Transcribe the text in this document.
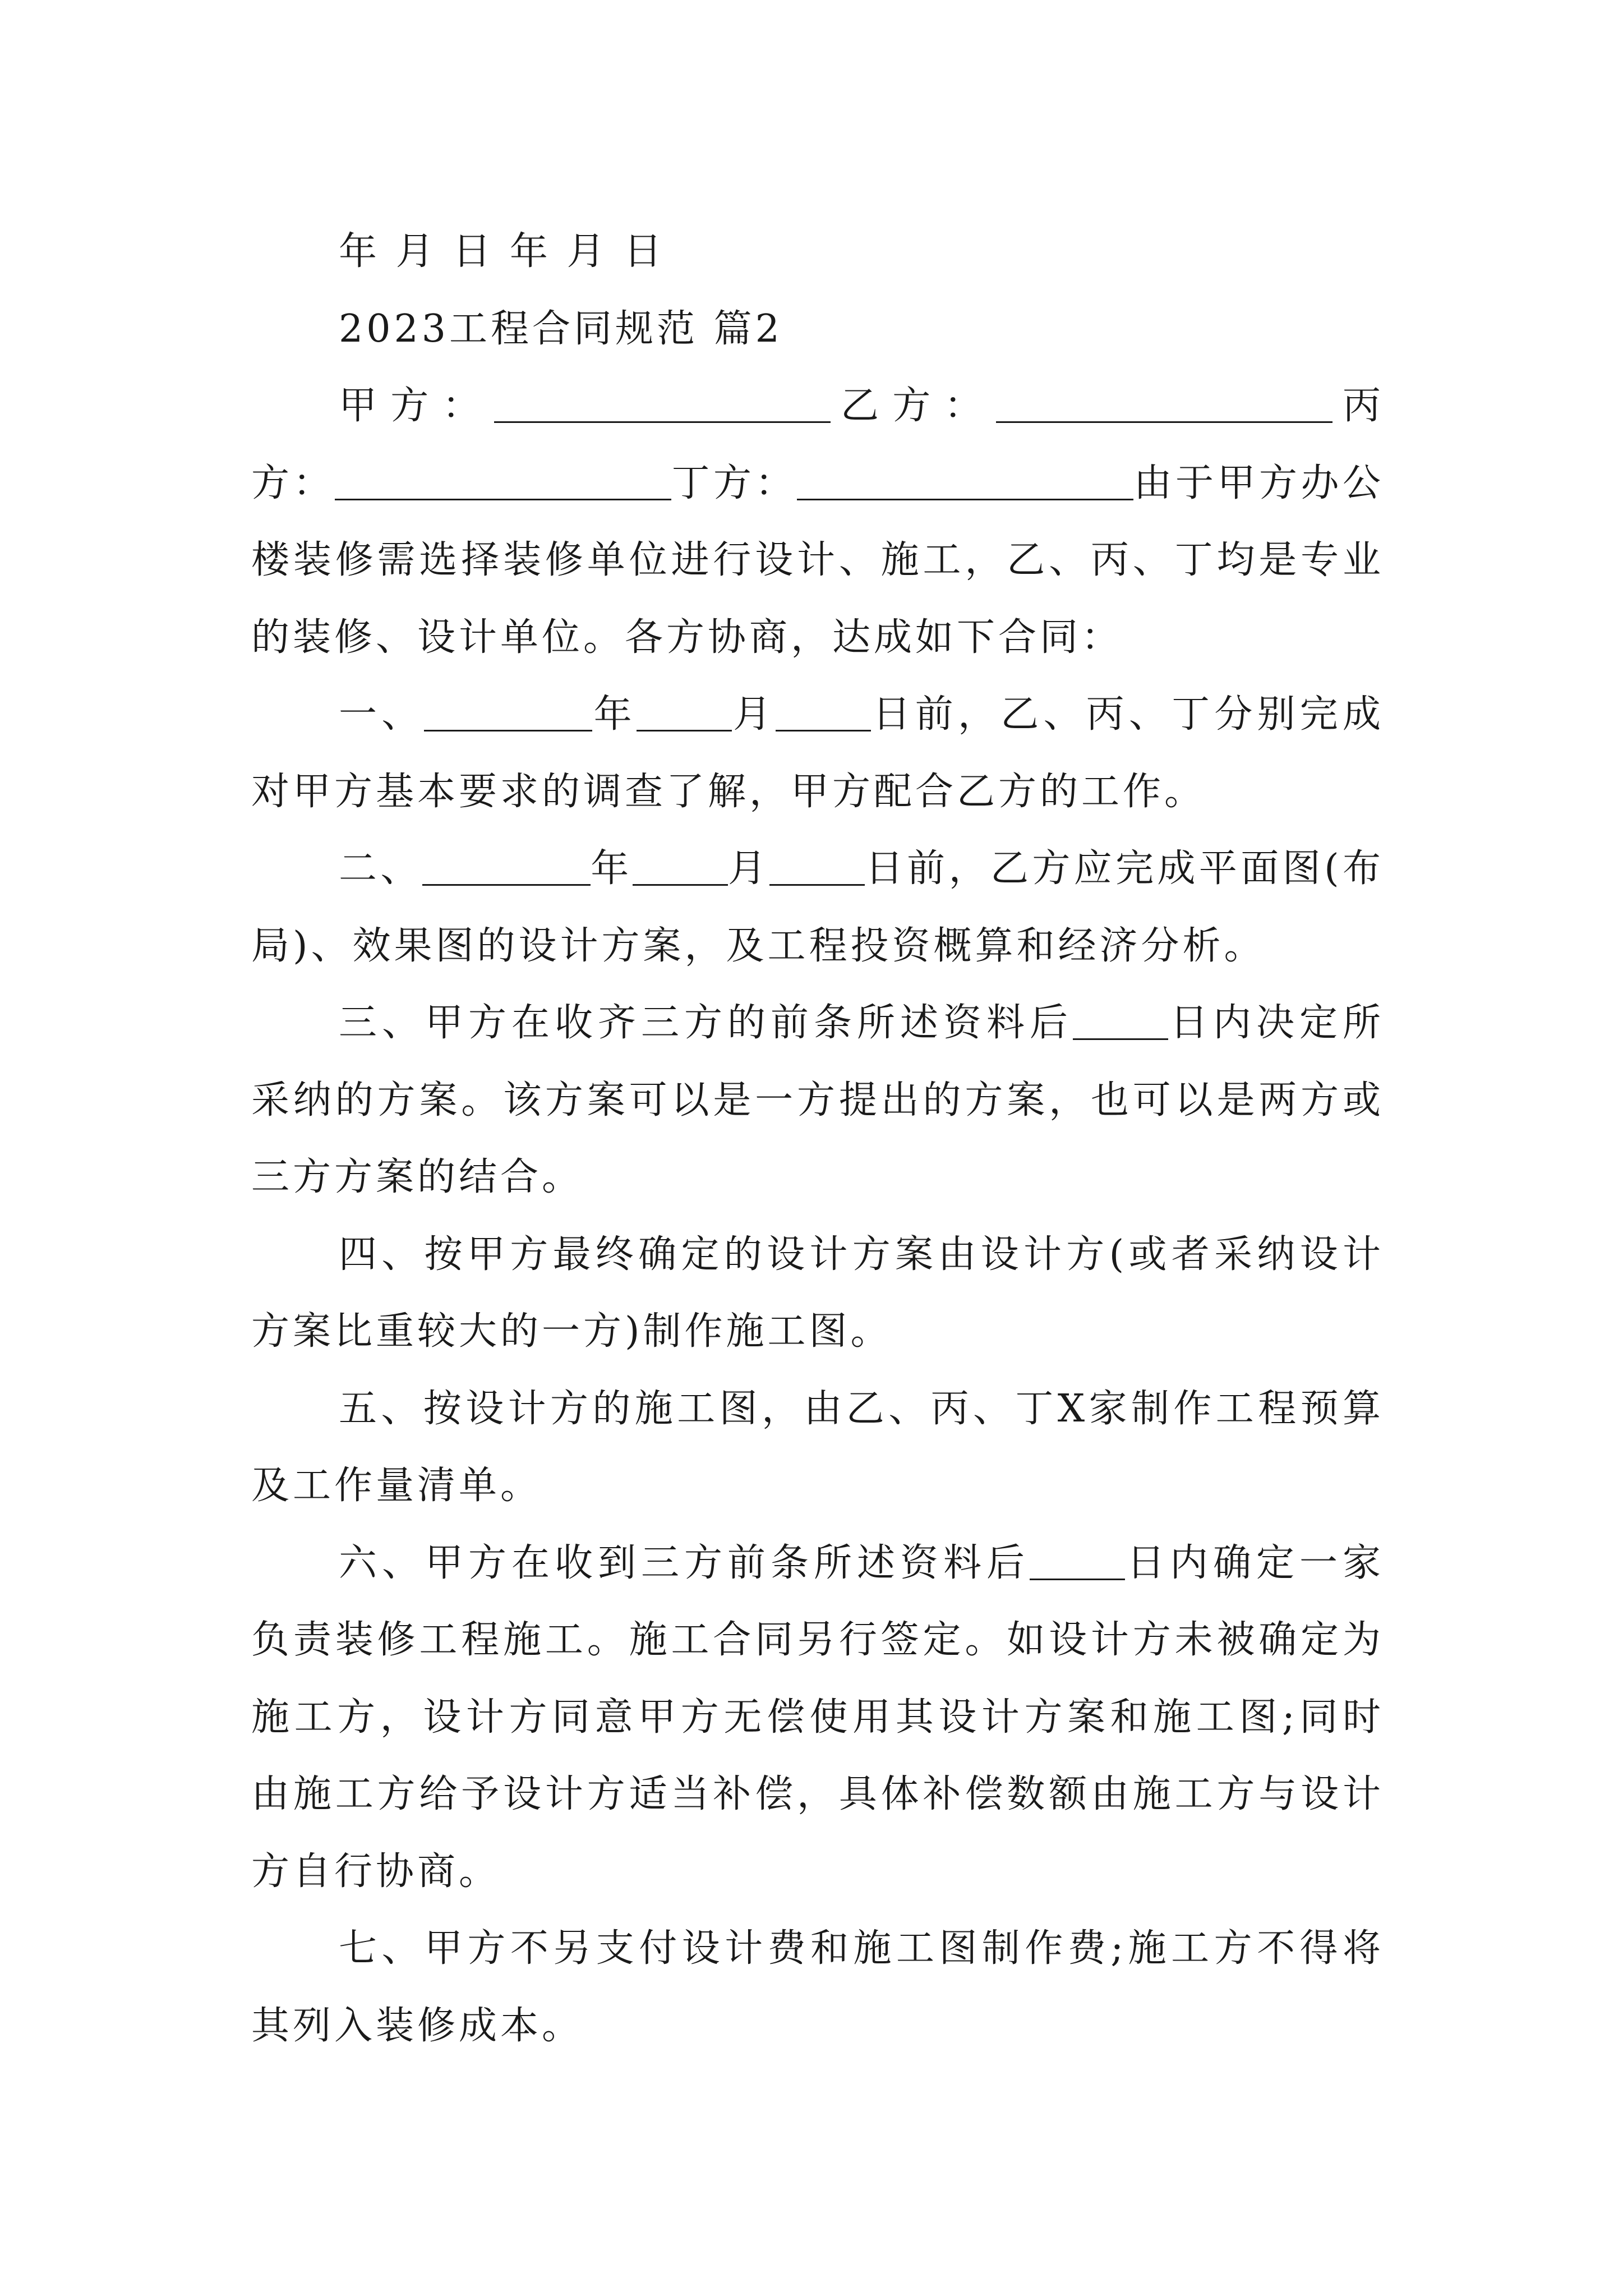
年 月 日 年 月 日

2023工程合同规范 篇2

甲方：	乙方：	丙方：	丁方：	由于甲方办公楼装修需选择装修单位进行设计、施工，乙、丙、丁均是专业的装修、设计单位。各方协商，达成如下合同：

一、	年	月	日前，乙、丙、丁分别完成对甲方基本要求的调查了解，甲方配合乙方的工作。

二、	年	月	日前，乙方应完成平面图(布局)、效果图的设计方案，及工程投资概算和经济分析。

三、甲方在收齐三方的前条所述资料后	日内决定所采纳的方案。该方案可以是一方提出的方案，也可以是两方或三方方案的结合。

四、按甲方最终确定的设计方案由设计方(或者采纳设计方案比重较大的一方)制作施工图。

五、按设计方的施工图，由乙、丙、丁X家制作工程预算及工作量清单。

六、甲方在收到三方前条所述资料后	日内确定一家负责装修工程施工。施工合同另行签定。如设计方未被确定为施工方，设计方同意甲方无偿使用其设计方案和施工图;同时由施工方给予设计方适当补偿，具体补偿数额由施工方与设计方自行协商。

七、甲方不另支付设计费和施工图制作费;施工方不得将其列入装修成本。
